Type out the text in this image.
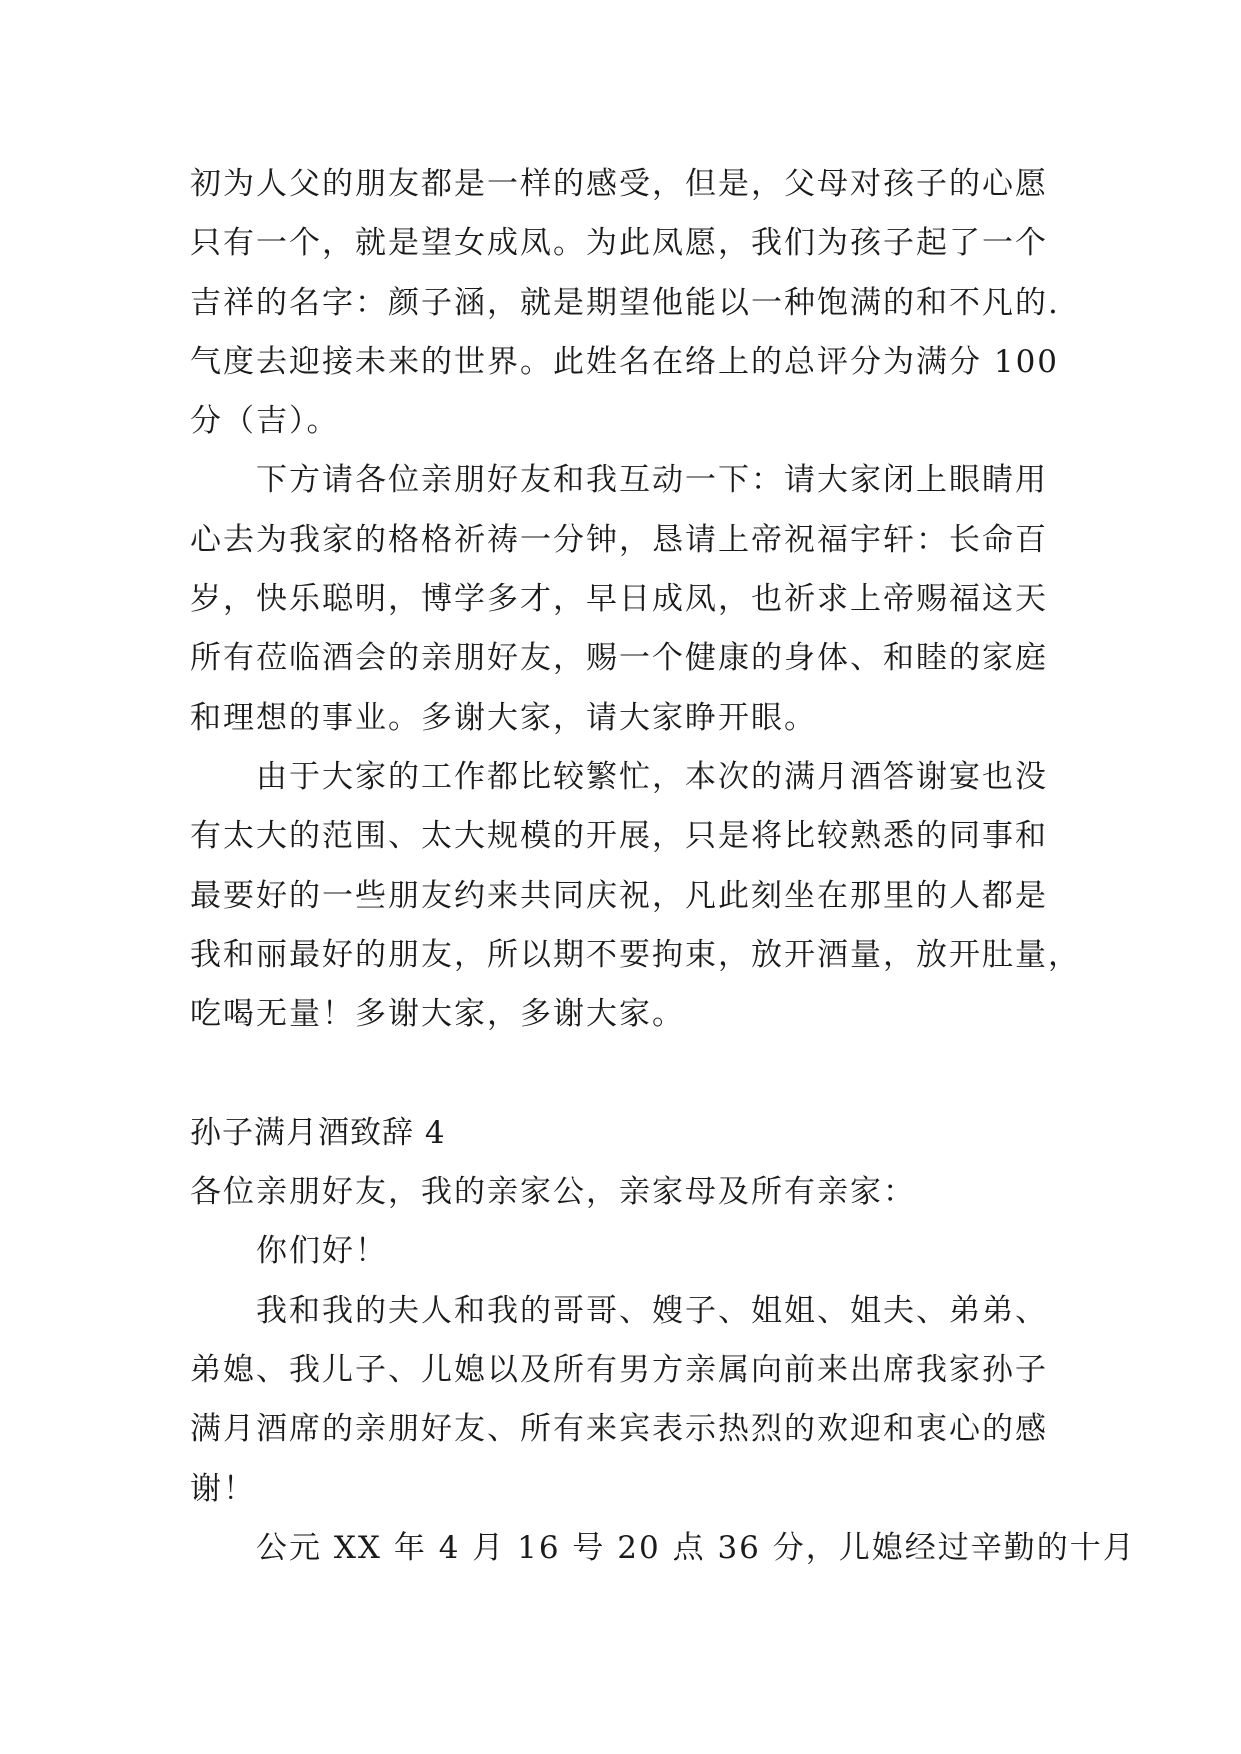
初为人父的朋友都是一样的感受，但是，父母对孩子的心愿
只有一个，就是望女成凤。为此凤愿，我们为孩子起了一个
吉祥的名字：颜子涵，就是期望他能以一种饱满的和不凡的.
气度去迎接未来的世界。此姓名在络上的总评分为满分 100
分（吉）。
下方请各位亲朋好友和我互动一下：请大家闭上眼睛用
心去为我家的格格祈祷一分钟，恳请上帝祝福宇轩：长命百
岁，快乐聪明，博学多才，早日成凤，也祈求上帝赐福这天
所有莅临酒会的亲朋好友，赐一个健康的身体、和睦的家庭
和理想的事业。多谢大家，请大家睁开眼。
由于大家的工作都比较繁忙，本次的满月酒答谢宴也没
有太大的范围、太大规模的开展，只是将比较熟悉的同事和
最要好的一些朋友约来共同庆祝，凡此刻坐在那里的人都是
我和丽最好的朋友，所以期不要拘束，放开酒量，放开肚量，
吃喝无量！多谢大家，多谢大家。
孙子满月酒致辞 4
各位亲朋好友，我的亲家公，亲家母及所有亲家：
你们好！
我和我的夫人和我的哥哥、嫂子、姐姐、姐夫、弟弟、
弟媳、我儿子、儿媳以及所有男方亲属向前来出席我家孙子
满月酒席的亲朋好友、所有来宾表示热烈的欢迎和衷心的感
谢！
公元 XX 年 4 月 16 号 20 点 36 分，儿媳经过辛勤的十月
